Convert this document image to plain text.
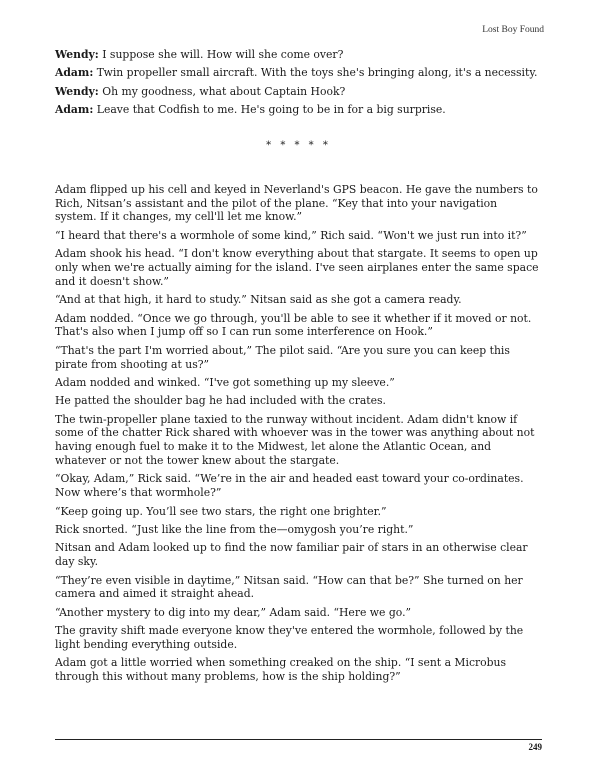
Lost Boy Found

Wendy: I suppose she will. How will she come over?

Adam: Twin propeller small aircraft. With the toys she's bringing along, it's a necessity.

Wendy: Oh my goodness, what about Captain Hook?

Adam: Leave that Codfish to me. He's going to be in for a big surprise.

* * * * *

Adam flipped up his cell and keyed in Neverland's GPS beacon. He gave the numbers to Rich, Nitsan’s assistant and the pilot of the plane. “Key that into your navigation system. If it changes, my cell'll let me know.”

“I heard that there's a wormhole of some kind,” Rich said. “Won't we just run into it?”

Adam shook his head. “I don't know everything about that stargate. It seems to open up only when we're actually aiming for the island. I've seen airplanes enter the same space and it doesn't show.”

“And at that high, it hard to study.” Nitsan said as she got a camera ready.

Adam nodded. “Once we go through, you'll be able to see it whether if it moved or not. That's also when I jump off so I can run some interference on Hook.”

“That's the part I'm worried about,” The pilot said. “Are you sure you can keep this pirate from shooting at us?”

Adam nodded and winked. “I've got something up my sleeve.”

He patted the shoulder bag he had included with the crates.

The twin-propeller plane taxied to the runway without incident. Adam didn't know if some of the chatter Rick shared with whoever was in the tower was anything about not having enough fuel to make it to the Midwest, let alone the Atlantic Ocean, and whatever or not the tower knew about the stargate.

“Okay, Adam,” Rick said. “We’re in the air and headed east toward your co-ordinates. Now where’s that wormhole?”

“Keep going up. You’ll see two stars, the right one brighter.”

Rick snorted. “Just like the line from the—omygosh you’re right.”

Nitsan and Adam looked up to find the now familiar pair of stars in an otherwise clear day sky.

“They’re even visible in daytime,” Nitsan said. “How can that be?” She turned on her camera and aimed it straight ahead.

“Another mystery to dig into my dear,” Adam said. “Here we go.”

The gravity shift made everyone know they've entered the wormhole, followed by the light bending everything outside.

Adam got a little worried when something creaked on the ship. “I sent a Microbus through this without many problems, how is the ship holding?”

249
